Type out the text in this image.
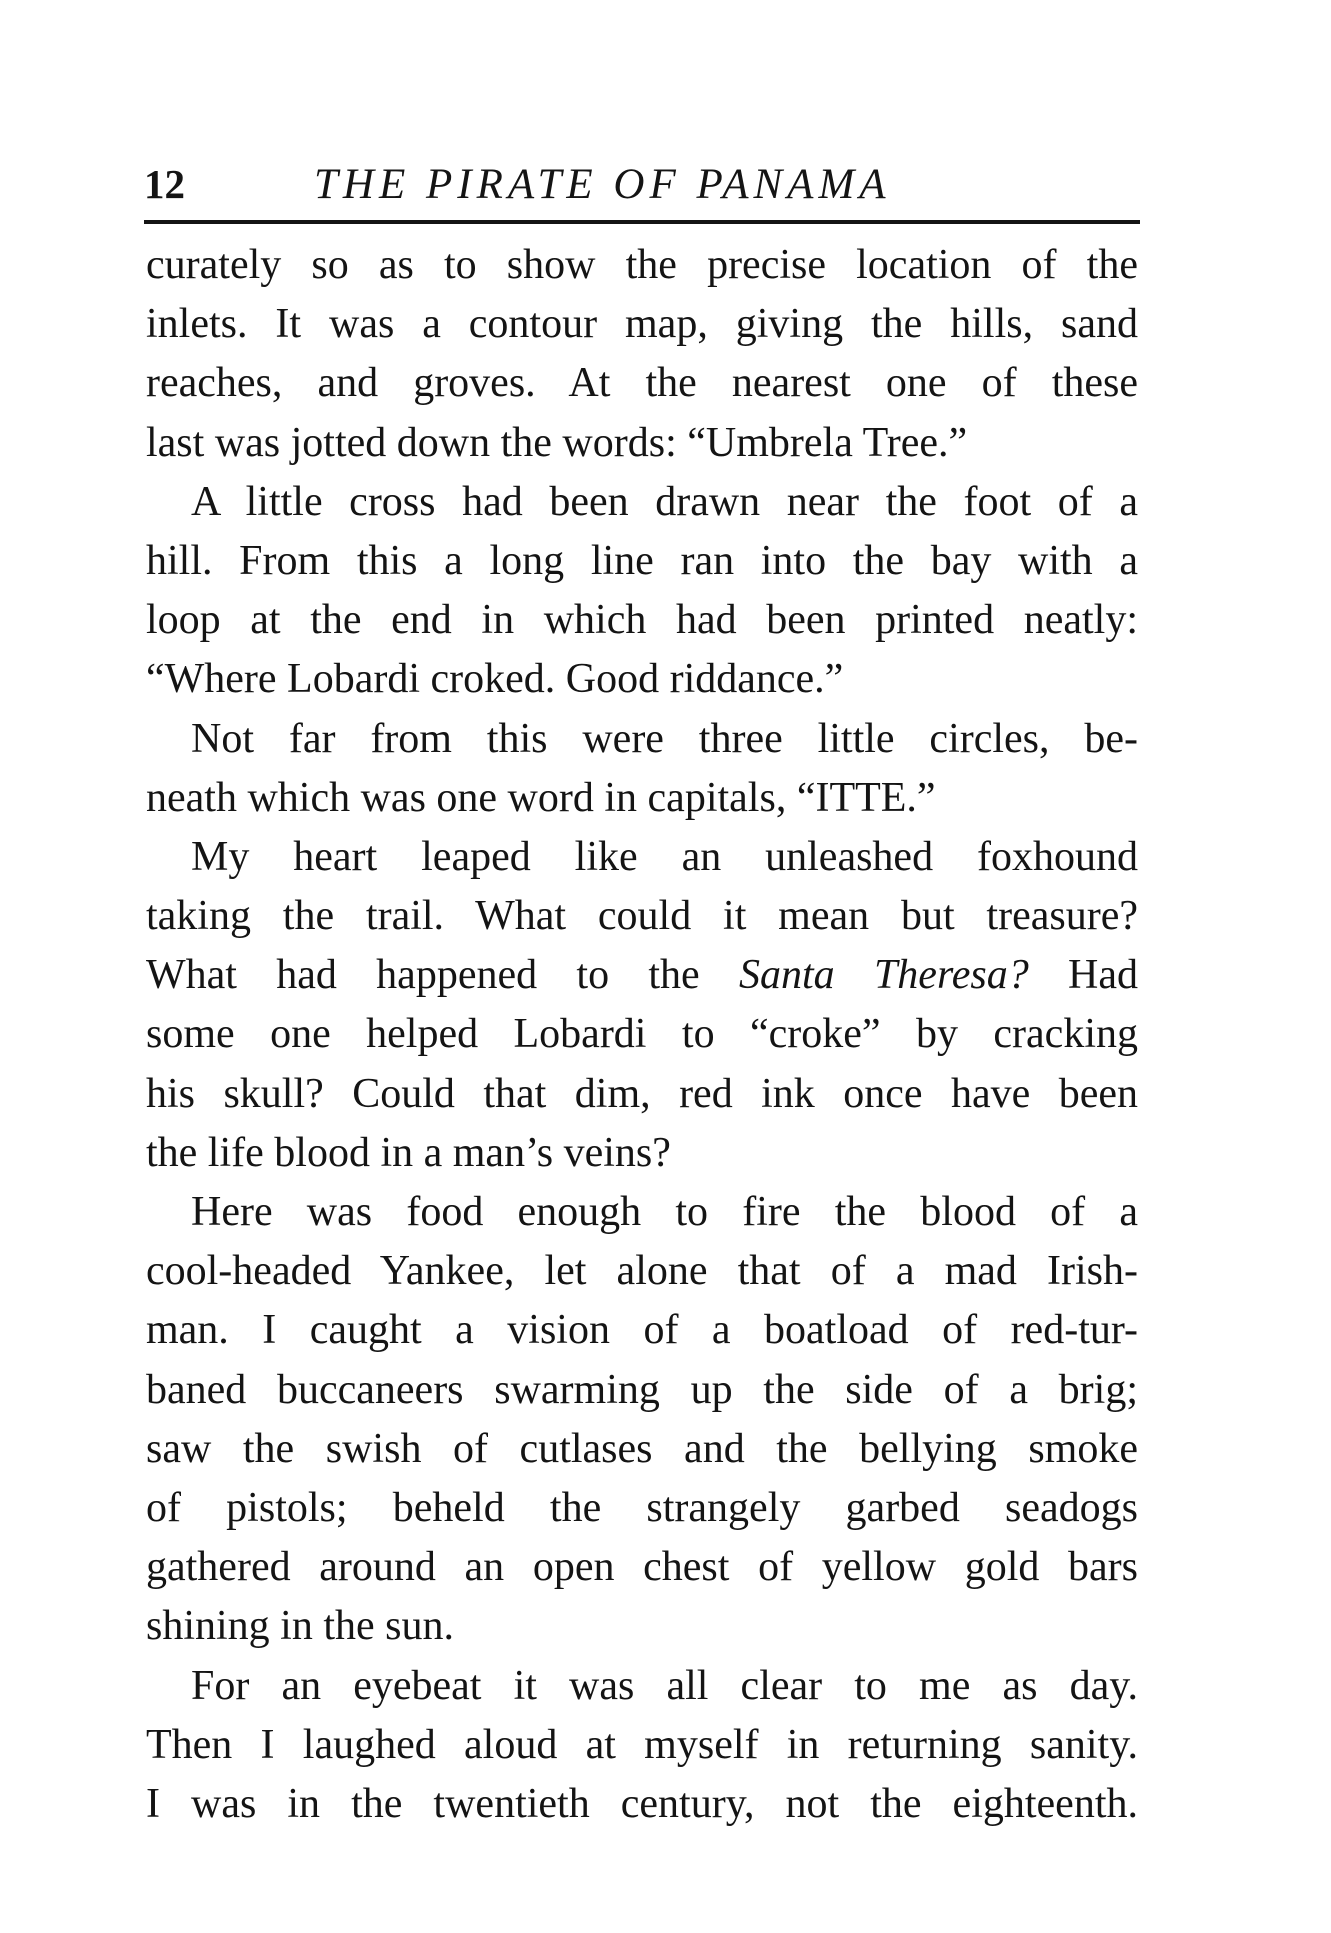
12	THE PIRATE OF PANAMA
curately so as to show the precise location of the
inlets. It was a contour map, giving the hills, sand
reaches, and groves. At the nearest one of these
last was jotted down the words: “Umbrela Tree.”
A little cross had been drawn near the foot of a
hill. From this a long line ran into the bay with a
loop at the end in which had been printed neatly:
“Where Lobardi croked. Good riddance.”
Not far from this were three little circles, be-
neath which was one word in capitals, “ITTE.”
My heart leaped like an unleashed foxhound
taking the trail. What could it mean but treasure?
What had happened to the Santa Theresa? Had
some one helped Lobardi to “croke” by cracking
his skull? Could that dim, red ink once have been
the life blood in a man’s veins?
Here was food enough to fire the blood of a
cool-headed Yankee, let alone that of a mad Irish-
man. I caught a vision of a boatload of red-tur-
baned buccaneers swarming up the side of a brig;
saw the swish of cutlases and the bellying smoke
of pistols; beheld the strangely garbed seadogs
gathered around an open chest of yellow gold bars
shining in the sun.
For an eyebeat it was all clear to me as day.
Then I laughed aloud at myself in returning sanity.
I was in the twentieth century, not the eighteenth.
